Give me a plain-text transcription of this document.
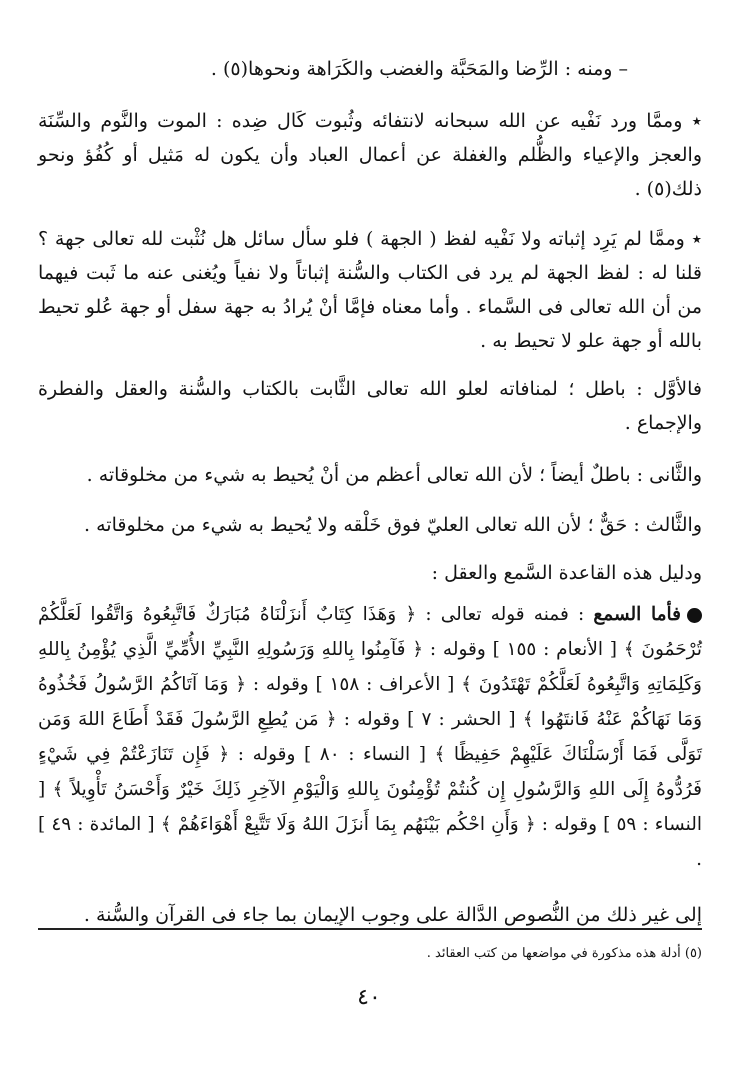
– ومنه : الرِّضا والمَحَبَّة والغضب والكَرَاهة ونحوها(٥) .
٭ وممَّا ورد نَفْيه عن الله سبحانه لانتفائه وثُبوت كَال ضِده : الموت والنَّوم والسِّنَة والعجز والإعياء والظُّلم والغفلة عن أعمال العباد وأن يكون له مَثيل أو كُفُؤ ونحو ذلك(٥) .
٭ وممَّا لم يَرِد إثباته ولا نَفْيه لفظ ( الجهة ) فلو سأل سائل هل نُثْبت لله تعالى جهة ؟ قلنا له : لفظ الجهة لم يرد فى الكتاب والسُّنة إثباتاً ولا نفياً ويُغنى عنه ما ثَبت فيهما من أن الله تعالى فى السَّماء . وأما معناه فإمَّا أنْ يُرادُ به جهة سفل أو جهة عُلو تحيط بالله أو جهة علو لا تحيط به .
فالأوَّل : باطل ؛ لمنافاته لعلو الله تعالى الثَّابت بالكتاب والسُّنة والعقل والفطرة والإجماع .
والثَّانى : باطلٌ أيضاً ؛ لأن الله تعالى أعظم من أنْ يُحيط به شيء من مخلوقاته .
والثَّالث : حَقٌّ ؛ لأن الله تعالى العليّ فوق خَلْقه ولا يُحيط به شيء من مخلوقاته .
ودليل هذه القاعدة السَّمع والعقل :
فأما السمع : فمنه قوله تعالى : ﴿ وَهَذَا كِتَابٌ أَنزَلْنَاهُ مُبَارَكٌ فَاتَّبِعُوهُ وَاتَّقُوا لَعَلَّكُمْ تُرْحَمُونَ ﴾ [ الأنعام : ١٥٥ ] وقوله : ﴿ فَآمِنُوا بِاللهِ وَرَسُولِهِ النَّبِيِّ الأُمِّيِّ الَّذِي يُؤْمِنُ بِاللهِ وَكَلِمَاتِهِ وَاتَّبِعُوهُ لَعَلَّكُمْ تَهْتَدُونَ ﴾ [ الأعراف : ١٥٨ ] وقوله : ﴿ وَمَا آتَاكُمُ الرَّسُولُ فَخُذُوهُ وَمَا نَهَاكُمْ عَنْهُ فَانتَهُوا ﴾ [ الحشر : ٧ ] وقوله : ﴿ مَن يُطِعِ الرَّسُولَ فَقَدْ أَطَاعَ اللهَ وَمَن تَوَلَّى فَمَا أَرْسَلْنَاكَ عَلَيْهِمْ حَفِيظًا ﴾ [ النساء : ٨٠ ] وقوله : ﴿ فَإِن تَنَازَعْتُمْ فِي شَيْءٍ فَرُدُّوهُ إِلَى اللهِ وَالرَّسُولِ إِن كُنتُمْ تُؤْمِنُونَ بِاللهِ وَالْيَوْمِ الآخِرِ ذَلِكَ خَيْرٌ وَأَحْسَنُ تَأْوِيلاً ﴾ [ النساء : ٥٩ ] وقوله : ﴿ وَأَنِ احْكُم بَيْنَهُم بِمَا أَنزَلَ اللهُ وَلَا تَتَّبِعْ أَهْوَاءَهُمْ ﴾ [ المائدة : ٤٩ ] .
إلى غير ذلك من النُّصوص الدَّالة على وجوب الإيمان بما جاء فى القرآن والسُّنة .
(٥) أدلة هذه مذكورة في مواضعها من كتب العقائد .
٤٠
